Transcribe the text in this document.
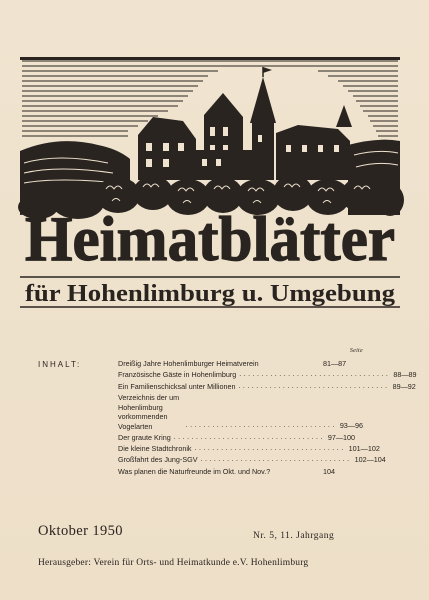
Heimatblätter
für Hohenlimburg u. Umgebung
Seite
INHALT:	Dreißig Jahre Hohenlimburger Heimatverein	81—87
Französische Gäste in Hohenlimburg .................................. 88—89
Ein Familienschicksal unter Millionen .................................. 89—92
Verzeichnis der um Hohenlimburg vorkommenden Vogelarten	.................................. 93—96
Der graute Kring .................................. 97—100
Die kleine Stadtchronik .................................. 101—102
Großfahrt des Jung-SGV .................................. 102—104
Was planen die Naturfreunde im Okt. und Nov.?	104
Oktober 1950	Nr. 5, 11. Jahrgang
Herausgeber: Verein für Orts- und Heimatkunde e.V. Hohenlimburg
